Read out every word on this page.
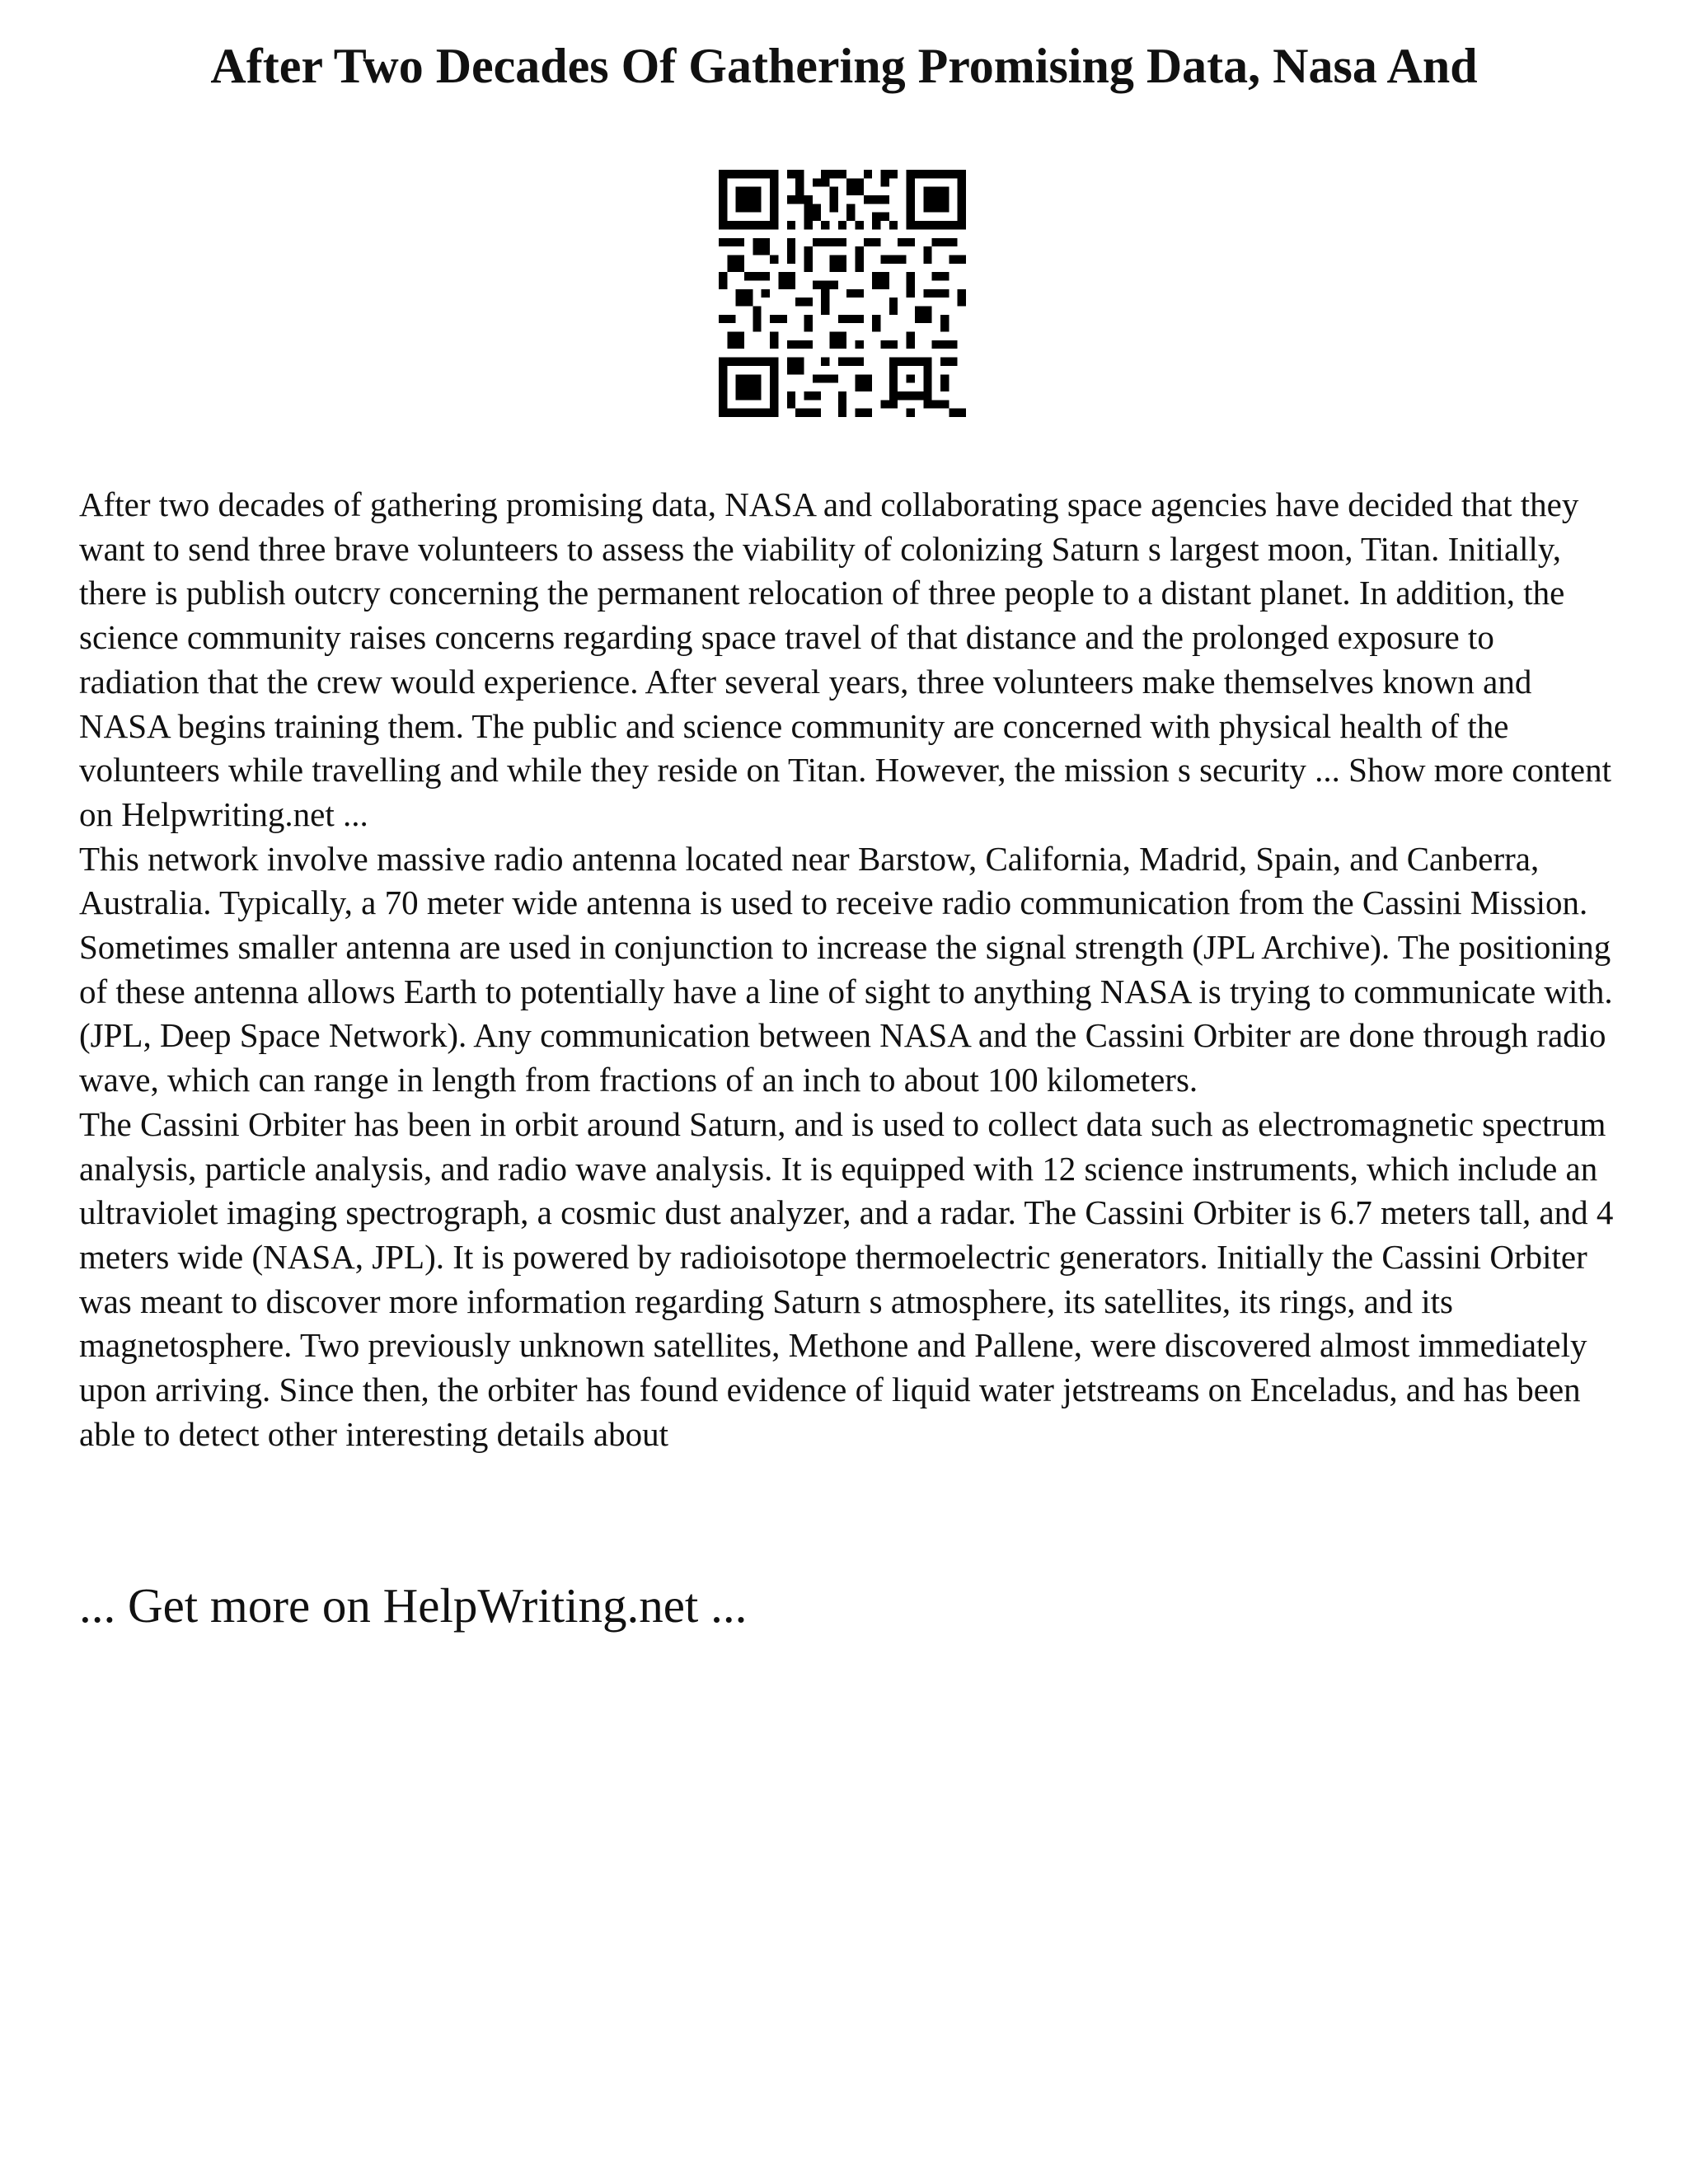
After Two Decades Of Gathering Promising Data, Nasa And

After two decades of gathering promising data, NASA and collaborating space agencies have decided that they want to send three brave volunteers to assess the viability of colonizing Saturn s largest moon, Titan. Initially, there is publish outcry concerning the permanent relocation of three people to a distant planet. In addition, the science community raises concerns regarding space travel of that distance and the prolonged exposure to radiation that the crew would experience. After several years, three volunteers make themselves known and NASA begins training them. The public and science community are concerned with physical health of the volunteers while travelling and while they reside on Titan. However, the mission s security ... Show more content on Helpwriting.net ...

This network involve massive radio antenna located near Barstow, California, Madrid, Spain, and Canberra, Australia. Typically, a 70 meter wide antenna is used to receive radio communication from the Cassini Mission. Sometimes smaller antenna are used in conjunction to increase the signal strength (JPL Archive). The positioning of these antenna allows Earth to potentially have a line of sight to anything NASA is trying to communicate with. (JPL, Deep Space Network). Any communication between NASA and the Cassini Orbiter are done through radio wave, which can range in length from fractions of an inch to about 100 kilometers.

The Cassini Orbiter has been in orbit around Saturn, and is used to collect data such as electromagnetic spectrum analysis, particle analysis, and radio wave analysis. It is equipped with 12 science instruments, which include an ultraviolet imaging spectrograph, a cosmic dust analyzer, and a radar. The Cassini Orbiter is 6.7 meters tall, and 4 meters wide (NASA, JPL). It is powered by radioisotope thermoelectric generators. Initially the Cassini Orbiter was meant to discover more information regarding Saturn s atmosphere, its satellites, its rings, and its magnetosphere. Two previously unknown satellites, Methone and Pallene, were discovered almost immediately upon arriving. Since then, the orbiter has found evidence of liquid water jetstreams on Enceladus, and has been able to detect other interesting details about

... Get more on HelpWriting.net ...
